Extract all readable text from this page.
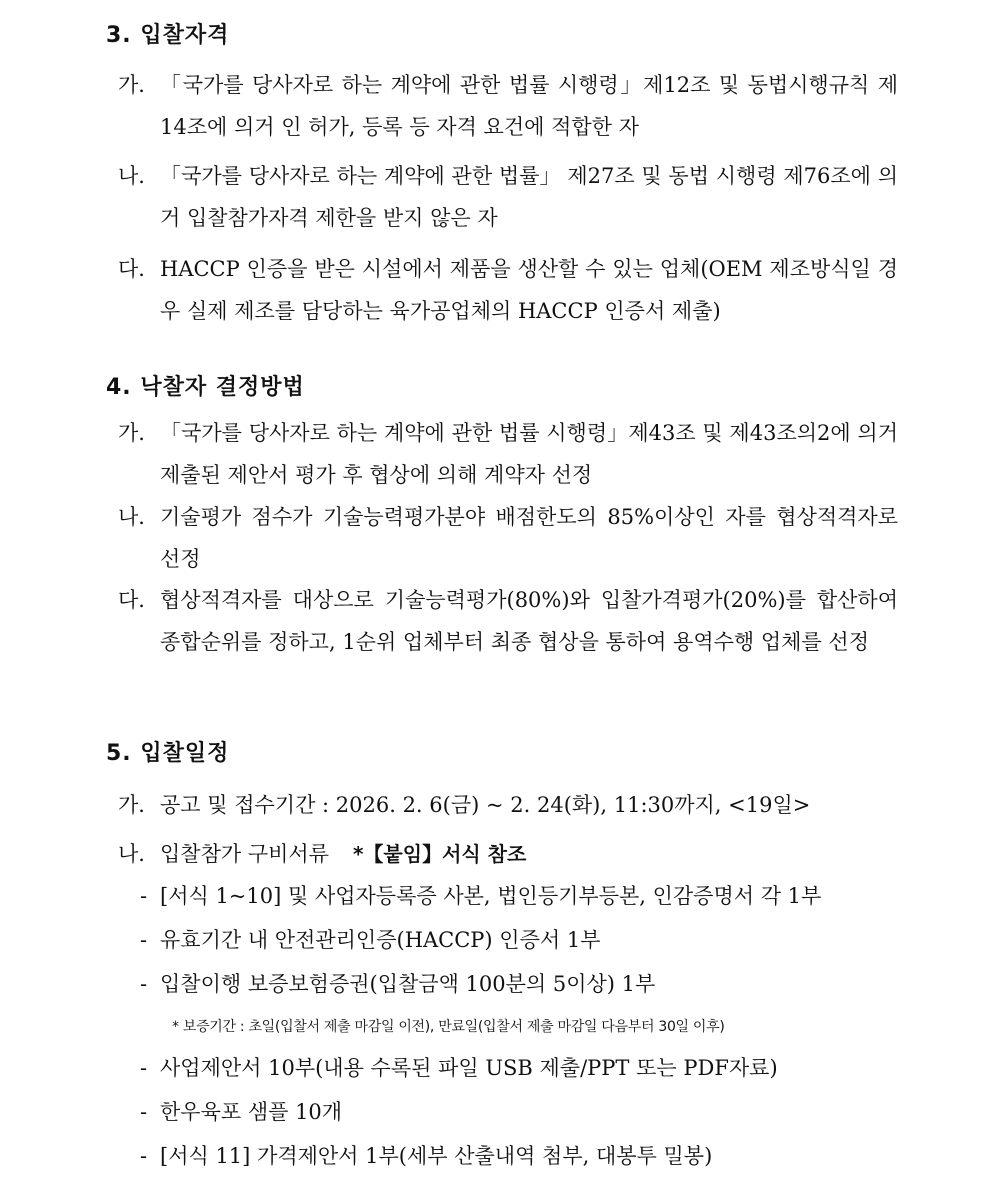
3. 입찰자격
가. 「국가를 당사자로 하는 계약에 관한 법률 시행령」제12조 및 동법시행규칙 제14조에 의거 인 허가, 등록 등 자격 요건에 적합한 자
나. 「국가를 당사자로 하는 계약에 관한 법률」 제27조 및 동법 시행령 제76조에 의거 입찰참가자격 제한을 받지 않은 자
다. HACCP 인증을 받은 시설에서 제품을 생산할 수 있는 업체(OEM 제조방식일 경우 실제 제조를 담당하는 육가공업체의 HACCP 인증서 제출)
4. 낙찰자 결정방법
가. 「국가를 당사자로 하는 계약에 관한 법률 시행령」제43조 및 제43조의2에 의거 제출된 제안서 평가 후 협상에 의해 계약자 선정
나. 기술평가 점수가 기술능력평가분야 배점한도의 85%이상인 자를 협상적격자로 선정
다. 협상적격자를 대상으로 기술능력평가(80%)와 입찰가격평가(20%)를 합산하여 종합순위를 정하고, 1순위 업체부터 최종 협상을 통하여 용역수행 업체를 선정
5. 입찰일정
가. 공고 및 접수기간 : 2026. 2. 6(금) ~ 2. 24(화), 11:30까지, <19일>
나. 입찰참가 구비서류 *【붙임】서식 참조
- [서식 1~10] 및 사업자등록증 사본, 법인등기부등본, 인감증명서 각 1부
- 유효기간 내 안전관리인증(HACCP) 인증서 1부
- 입찰이행 보증보험증권(입찰금액 100분의 5이상) 1부
* 보증기간 : 초일(입찰서 제출 마감일 이전), 만료일(입찰서 제출 마감일 다음부터 30일 이후)
- 사업제안서 10부(내용 수록된 파일 USB 제출/PPT 또는 PDF자료)
- 한우육포 샘플 10개
- [서식 11] 가격제안서 1부(세부 산출내역 첨부, 대봉투 밀봉)
